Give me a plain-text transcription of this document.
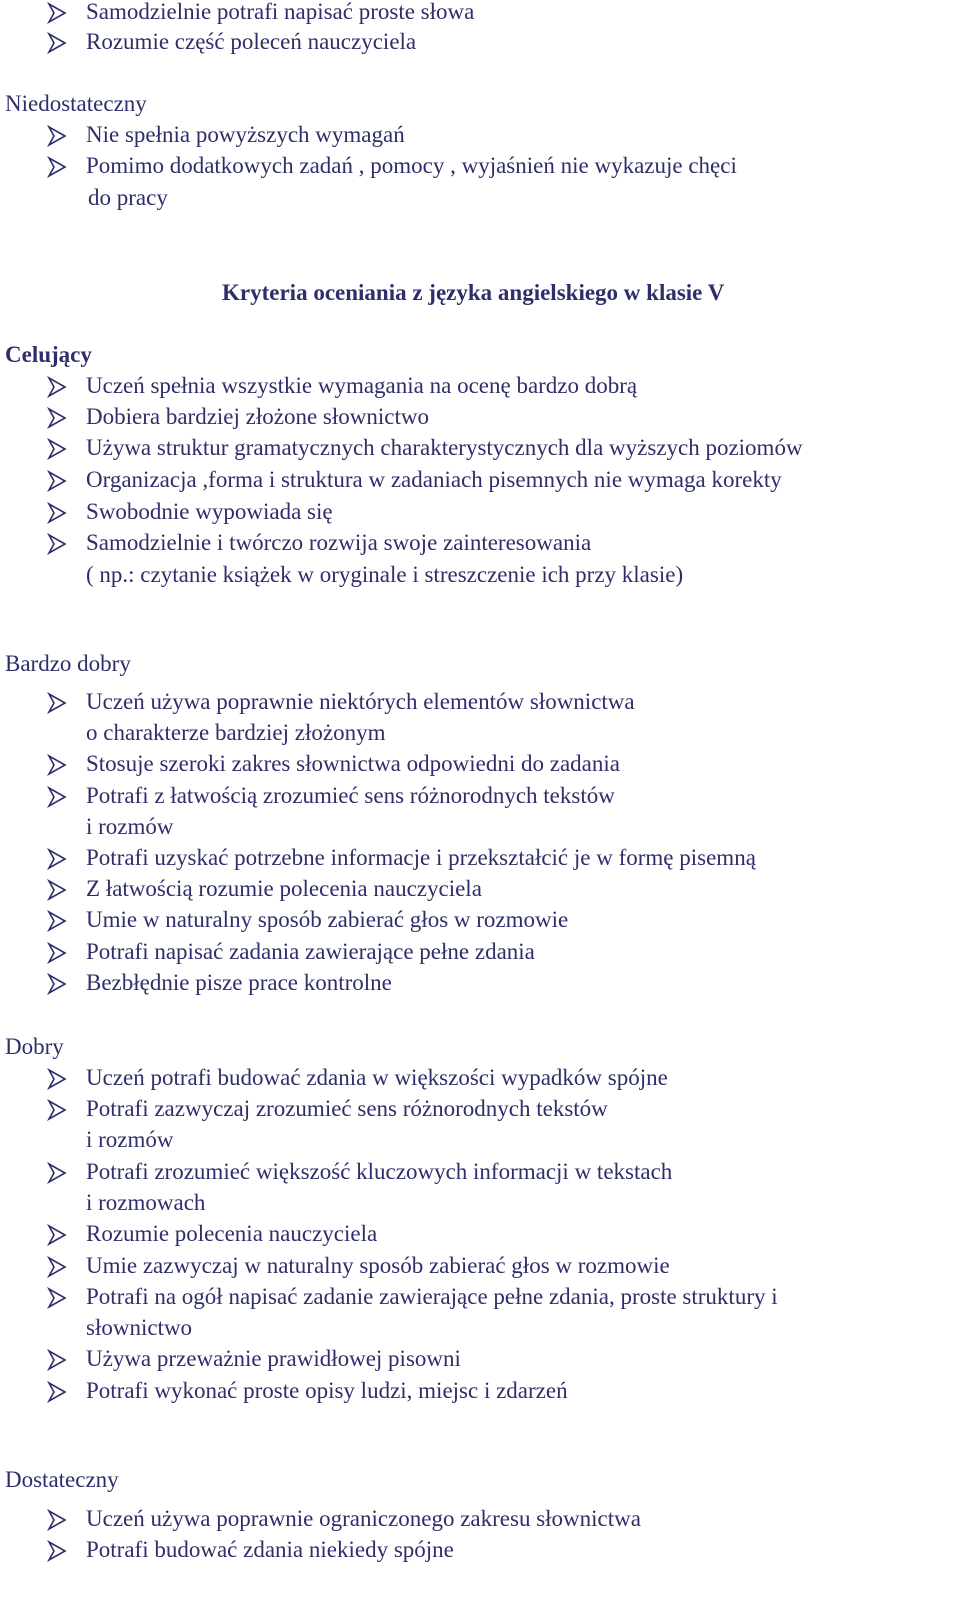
Samodzielnie potrafi napisać proste słowa
Rozumie część poleceń nauczyciela
Niedostateczny
Nie spełnia powyższych wymagań
Pomimo dodatkowych zadań , pomocy , wyjaśnień nie wykazuje chęci
do pracy
Kryteria oceniania z języka angielskiego w klasie V
Celujący
Uczeń spełnia wszystkie wymagania na ocenę bardzo dobrą
Dobiera bardziej złożone słownictwo
Używa struktur gramatycznych charakterystycznych dla wyższych poziomów
Organizacja ,forma i struktura w zadaniach pisemnych nie wymaga korekty
Swobodnie wypowiada się
Samodzielnie i twórczo rozwija swoje zainteresowania
( np.: czytanie książek w oryginale i streszczenie ich przy klasie)
Bardzo dobry
Uczeń używa poprawnie niektórych elementów słownictwa
o charakterze bardziej złożonym
Stosuje szeroki zakres słownictwa odpowiedni do zadania
Potrafi z łatwością zrozumieć sens różnorodnych tekstów
i rozmów
Potrafi uzyskać potrzebne informacje i przekształcić je w formę pisemną
Z łatwością rozumie polecenia nauczyciela
Umie w naturalny sposób zabierać głos w rozmowie
Potrafi napisać zadania zawierające pełne zdania
Bezbłędnie pisze prace kontrolne
Dobry
Uczeń potrafi budować zdania w większości wypadków spójne
Potrafi zazwyczaj zrozumieć sens różnorodnych tekstów
i rozmów
Potrafi zrozumieć większość kluczowych informacji w tekstach
i rozmowach
Rozumie polecenia nauczyciela
Umie zazwyczaj w naturalny sposób zabierać głos w rozmowie
Potrafi na ogół napisać zadanie zawierające pełne zdania, proste struktury i
słownictwo
Używa przeważnie prawidłowej pisowni
Potrafi wykonać proste opisy ludzi, miejsc i zdarzeń
Dostateczny
Uczeń używa poprawnie ograniczonego zakresu słownictwa
Potrafi budować zdania niekiedy spójne
